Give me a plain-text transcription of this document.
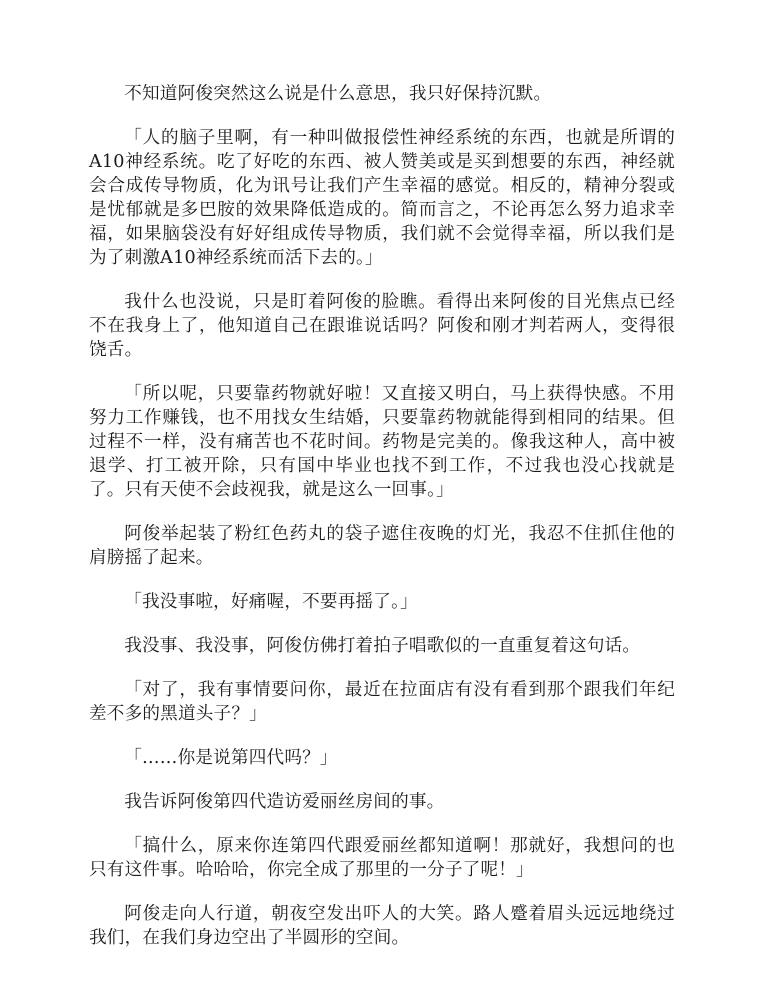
不知道阿俊突然这么说是什么意思，我只好保持沉默。

「人的脑子里啊，有一种叫做报偿性神经系统的东西，也就是所谓的A10神经系统。吃了好吃的东西、被人赞美或是买到想要的东西，神经就会合成传导物质，化为讯号让我们产生幸福的感觉。相反的，精神分裂或是忧郁就是多巴胺的效果降低造成的。简而言之，不论再怎么努力追求幸福，如果脑袋没有好好组成传导物质，我们就不会觉得幸福，所以我们是为了刺激A10神经系统而活下去的。」

我什么也没说，只是盯着阿俊的脸瞧。看得出来阿俊的目光焦点已经不在我身上了，他知道自己在跟谁说话吗？阿俊和刚才判若两人，变得很饶舌。

「所以呢，只要靠药物就好啦！又直接又明白，马上获得快感。不用努力工作赚钱，也不用找女生结婚，只要靠药物就能得到相同的结果。但过程不一样，没有痛苦也不花时间。药物是完美的。像我这种人，高中被退学、打工被开除，只有国中毕业也找不到工作，不过我也没心找就是了。只有天使不会歧视我，就是这么一回事。」

阿俊举起装了粉红色药丸的袋子遮住夜晚的灯光，我忍不住抓住他的肩膀摇了起来。

「我没事啦，好痛喔，不要再摇了。」

我没事、我没事，阿俊仿佛打着拍子唱歌似的一直重复着这句话。

「对了，我有事情要问你，最近在拉面店有没有看到那个跟我们年纪差不多的黑道头子？」

「……你是说第四代吗？」

我告诉阿俊第四代造访爱丽丝房间的事。

「搞什么，原来你连第四代跟爱丽丝都知道啊！那就好，我想问的也只有这件事。哈哈哈，你完全成了那里的一分子了呢！」

阿俊走向人行道，朝夜空发出吓人的大笑。路人蹙着眉头远远地绕过我们，在我们身边空出了半圆形的空间。
